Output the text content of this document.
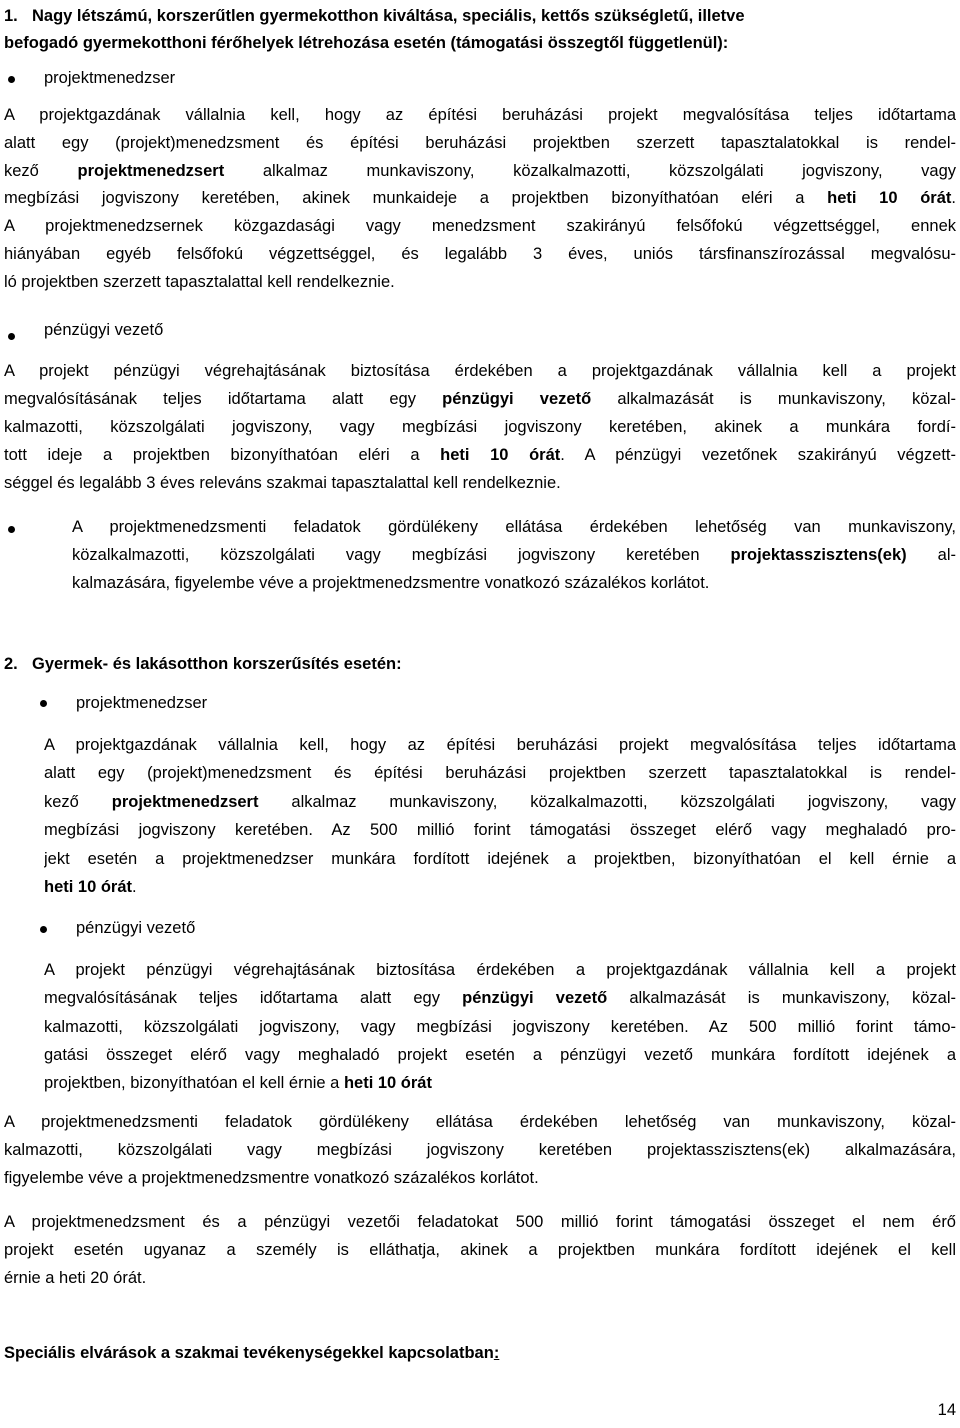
1. Nagy létszámú, korszerűtlen gyermekotthon kiváltása, speciális, kettős szükségletű, illetve
befogadó gyermekotthoni férőhelyek létrehozása esetén (támogatási összegtől függetlenül):
projektmenedzser
pénzügyi vezető
2. Gyermek- és lakásotthon korszerűsítés esetén:
projektmenedzser
pénzügyi vezető
Speciális elvárások a szakmai tevékenységekkel kapcsolatban:
14
A projektgazdának vállalnia kell, hogy az építési beruházási projekt megvalósítása teljes időtartama
alatt egy (projekt)menedzsment és építési beruházási projektben szerzett tapasztalatokkal is rendel-
kező projektmenedzsert alkalmaz munkaviszony, közalkalmazotti, közszolgálati jogviszony, vagy
megbízási jogviszony keretében, akinek munkaideje a projektben bizonyíthatóan eléri a heti 10 órát.
A projektmenedzsernek közgazdasági vagy menedzsment szakirányú felsőfokú végzettséggel, ennek
hiányában egyéb felsőfokú végzettséggel, és legalább 3 éves, uniós társfinanszírozással megvalósu-
ló projektben szerzett tapasztalattal kell rendelkeznie.
A projekt pénzügyi végrehajtásának biztosítása érdekében a projektgazdának vállalnia kell a projekt
megvalósításának teljes időtartama alatt egy pénzügyi vezető alkalmazását is munkaviszony, közal-
kalmazotti, közszolgálati jogviszony, vagy megbízási jogviszony keretében, akinek a munkára fordí-
tott ideje a projektben bizonyíthatóan eléri a heti 10 órát. A pénzügyi vezetőnek szakirányú végzett-
séggel és legalább 3 éves releváns szakmai tapasztalattal kell rendelkeznie.
A projektmenedzsmenti feladatok gördülékeny ellátása érdekében lehetőség van munkaviszony,
közalkalmazotti, közszolgálati vagy megbízási jogviszony keretében projektasszisztens(ek) al-
kalmazására, figyelembe véve a projektmenedzsmentre vonatkozó százalékos korlátot.
A projektgazdának vállalnia kell, hogy az építési beruházási projekt megvalósítása teljes időtartama
alatt egy (projekt)menedzsment és építési beruházási projektben szerzett tapasztalatokkal is rendel-
kező projektmenedzsert alkalmaz munkaviszony, közalkalmazotti, közszolgálati jogviszony, vagy
megbízási jogviszony keretében. Az 500 millió forint támogatási összeget elérő vagy meghaladó pro-
jekt esetén a projektmenedzser munkára fordított idejének a projektben, bizonyíthatóan el kell érnie a
heti 10 órát.
A projekt pénzügyi végrehajtásának biztosítása érdekében a projektgazdának vállalnia kell a projekt
megvalósításának teljes időtartama alatt egy pénzügyi vezető alkalmazását is munkaviszony, közal-
kalmazotti, közszolgálati jogviszony, vagy megbízási jogviszony keretében. Az 500 millió forint támo-
gatási összeget elérő vagy meghaladó projekt esetén a pénzügyi vezető munkára fordított idejének a
projektben, bizonyíthatóan el kell érnie a heti 10 órát
A projektmenedzsmenti feladatok gördülékeny ellátása érdekében lehetőség van munkaviszony, közal-
kalmazotti, közszolgálati vagy megbízási jogviszony keretében projektasszisztens(ek) alkalmazására,
figyelembe véve a projektmenedzsmentre vonatkozó százalékos korlátot.
A projektmenedzsment és a pénzügyi vezetői feladatokat 500 millió forint támogatási összeget el nem érő
projekt esetén ugyanaz a személy is elláthatja, akinek a projektben munkára fordított idejének el kell
érnie a heti 20 órát.
